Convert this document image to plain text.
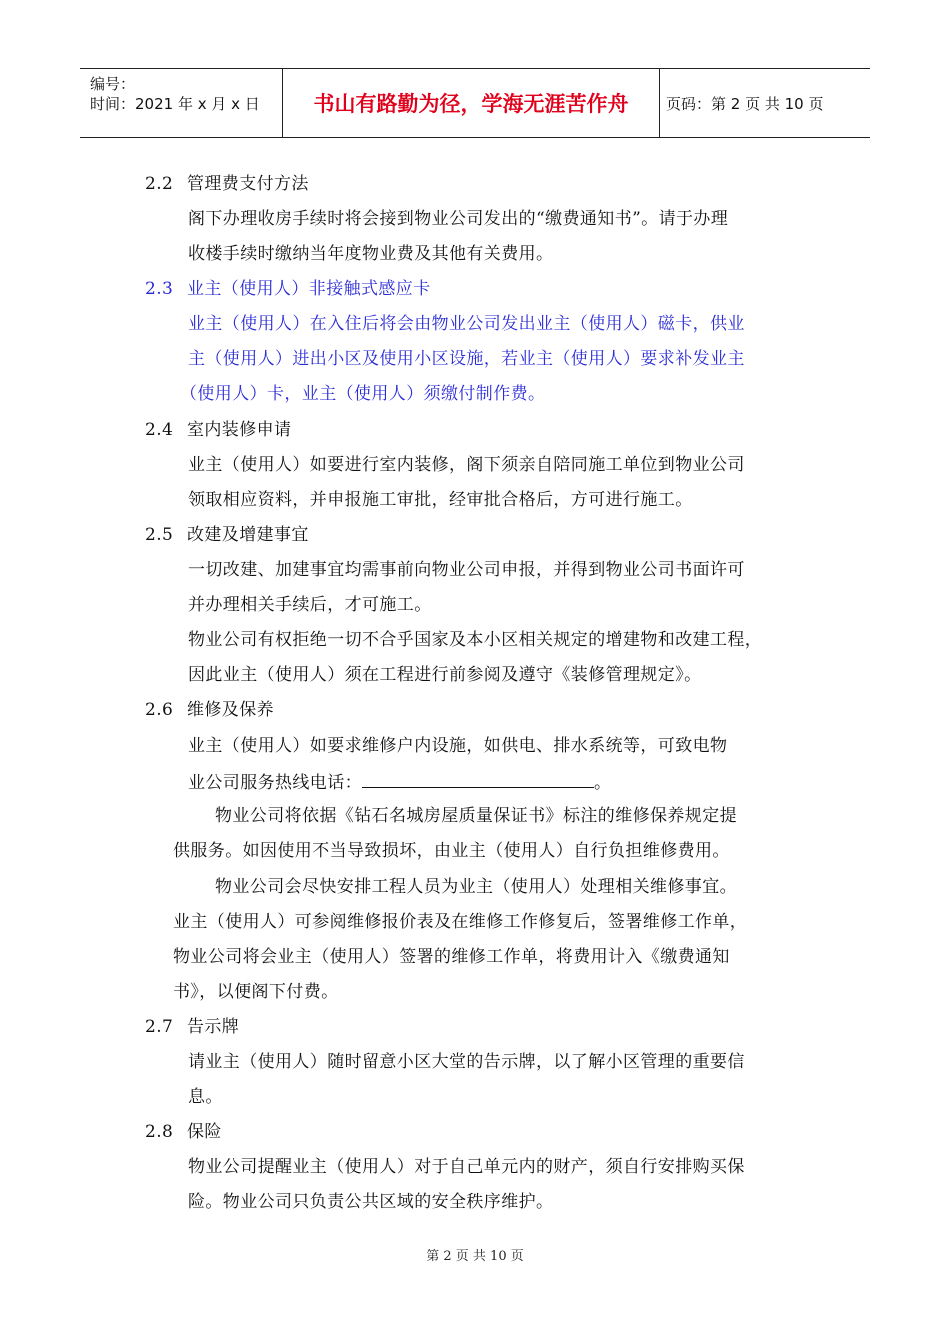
编号：
时间：2021 年 x 月 x 日	书山有路勤为径，学海无涯苦作舟	页码：第 2 页 共 10 页
2.2 管理费支付方法
阁下办理收房手续时将会接到物业公司发出的“缴费通知书”。请于办理
收楼手续时缴纳当年度物业费及其他有关费用。
2.3 业主（使用人）非接触式感应卡
业主（使用人）在入住后将会由物业公司发出业主（使用人）磁卡，供业
主（使用人）进出小区及使用小区设施，若业主（使用人）要求补发业主
（使用人）卡，业主（使用人）须缴付制作费。
2.4 室内装修申请
业主（使用人）如要进行室内装修，阁下须亲自陪同施工单位到物业公司
领取相应资料，并申报施工审批，经审批合格后，方可进行施工。
2.5 改建及增建事宜
一切改建、加建事宜均需事前向物业公司申报，并得到物业公司书面许可
并办理相关手续后，才可施工。
物业公司有权拒绝一切不合乎国家及本小区相关规定的增建物和改建工程，
因此业主（使用人）须在工程进行前参阅及遵守《装修管理规定》。
2.6 维修及保养
业主（使用人）如要求维修户内设施，如供电、排水系统等，可致电物
业公司服务热线电话：	。
物业公司将依据《钻石名城房屋质量保证书》标注的维修保养规定提
供服务。如因使用不当导致损坏，由业主（使用人）自行负担维修费用。
物业公司会尽快安排工程人员为业主（使用人）处理相关维修事宜。
业主（使用人）可参阅维修报价表及在维修工作修复后，签署维修工作单，
物业公司将会业主（使用人）签署的维修工作单，将费用计入《缴费通知
书》，以便阁下付费。
2.7 告示牌
请业主（使用人）随时留意小区大堂的告示牌，以了解小区管理的重要信
息。
2.8 保险
物业公司提醒业主（使用人）对于自己单元内的财产，须自行安排购买保
险。物业公司只负责公共区域的安全秩序维护。
第 2 页 共 10 页
